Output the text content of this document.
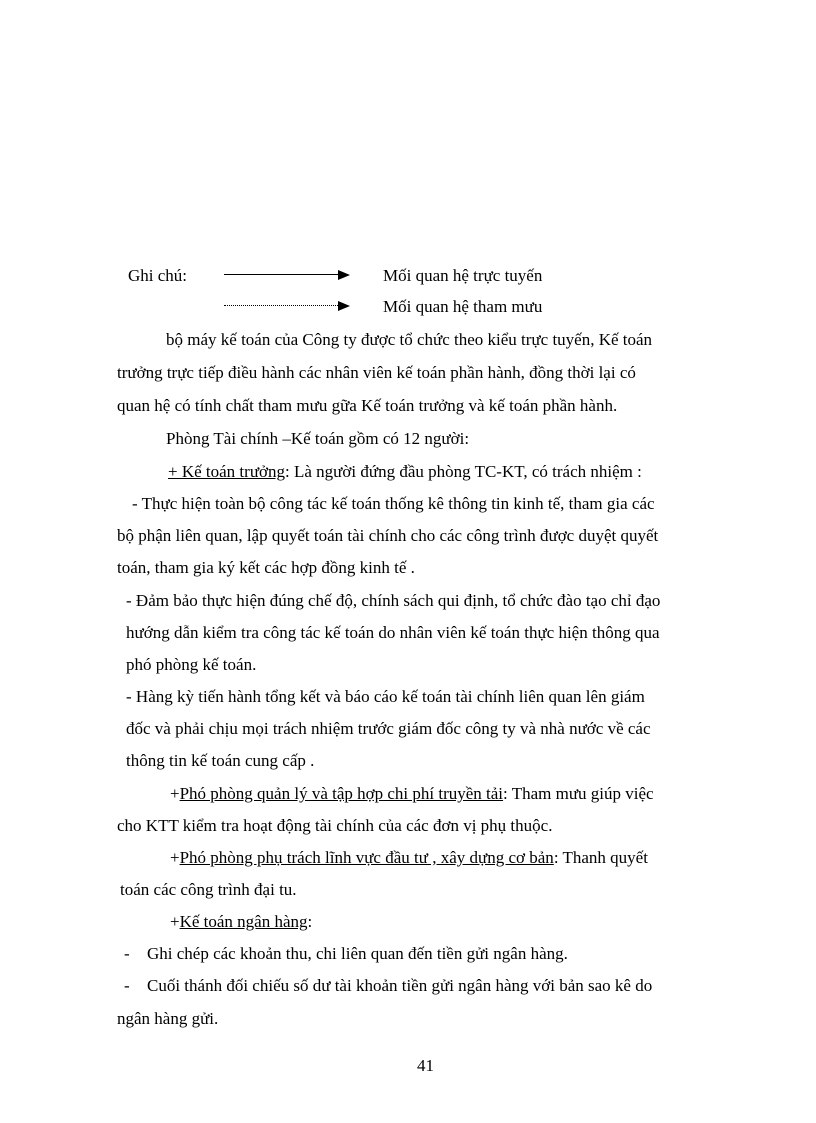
Ghi chú:	Mối quan hệ trực tuyến
Mối quan hệ tham mưu
bộ máy kế toán của Công ty được tổ chức theo kiểu trực tuyến, Kế toán
trưởng trực tiếp điều hành các nhân viên kế toán phần hành, đồng thời lại có
quan hệ có tính chất tham mưu gữa Kế toán trưởng và kế toán phần hành.
Phòng Tài chính –Kế toán gồm có 12 người:
+ Kế toán trưởng: Là người đứng đầu phòng TC-KT, có trách nhiệm :
- Thực hiện toàn bộ công tác kế toán thống kê thông tin kinh tế, tham gia các
bộ phận liên quan, lập quyết toán tài chính cho các công trình được duyệt quyết
toán, tham gia ký kết các hợp đồng kinh tế .
- Đảm bảo thực hiện đúng chế độ, chính sách qui định, tổ chức đào tạo chỉ đạo
hướng dẫn kiểm tra công tác kế toán do nhân viên kế toán thực hiện thông qua
phó phòng kế toán.
- Hàng kỳ tiến hành tổng kết và báo cáo kế toán tài chính liên quan lên giám
đốc và phải chịu mọi trách nhiệm trước giám đốc công ty và nhà nước về các
thông tin kế toán cung cấp .
+Phó phòng quản lý và tập hợp chi phí truyền tải: Tham mưu giúp việc
cho KTT kiểm tra hoạt động tài chính của các đơn vị phụ thuộc.
+Phó phòng phụ trách lĩnh vực đầu tư , xây dựng cơ bản: Thanh quyết
toán các công trình đại tu.
+Kế toán ngân hàng:
- Ghi chép các khoản thu, chi liên quan đến tiền gửi ngân hàng.
- Cuối thánh đối chiếu số dư tài khoản tiền gửi ngân hàng với bản sao kê do
ngân hàng gửi.
41
